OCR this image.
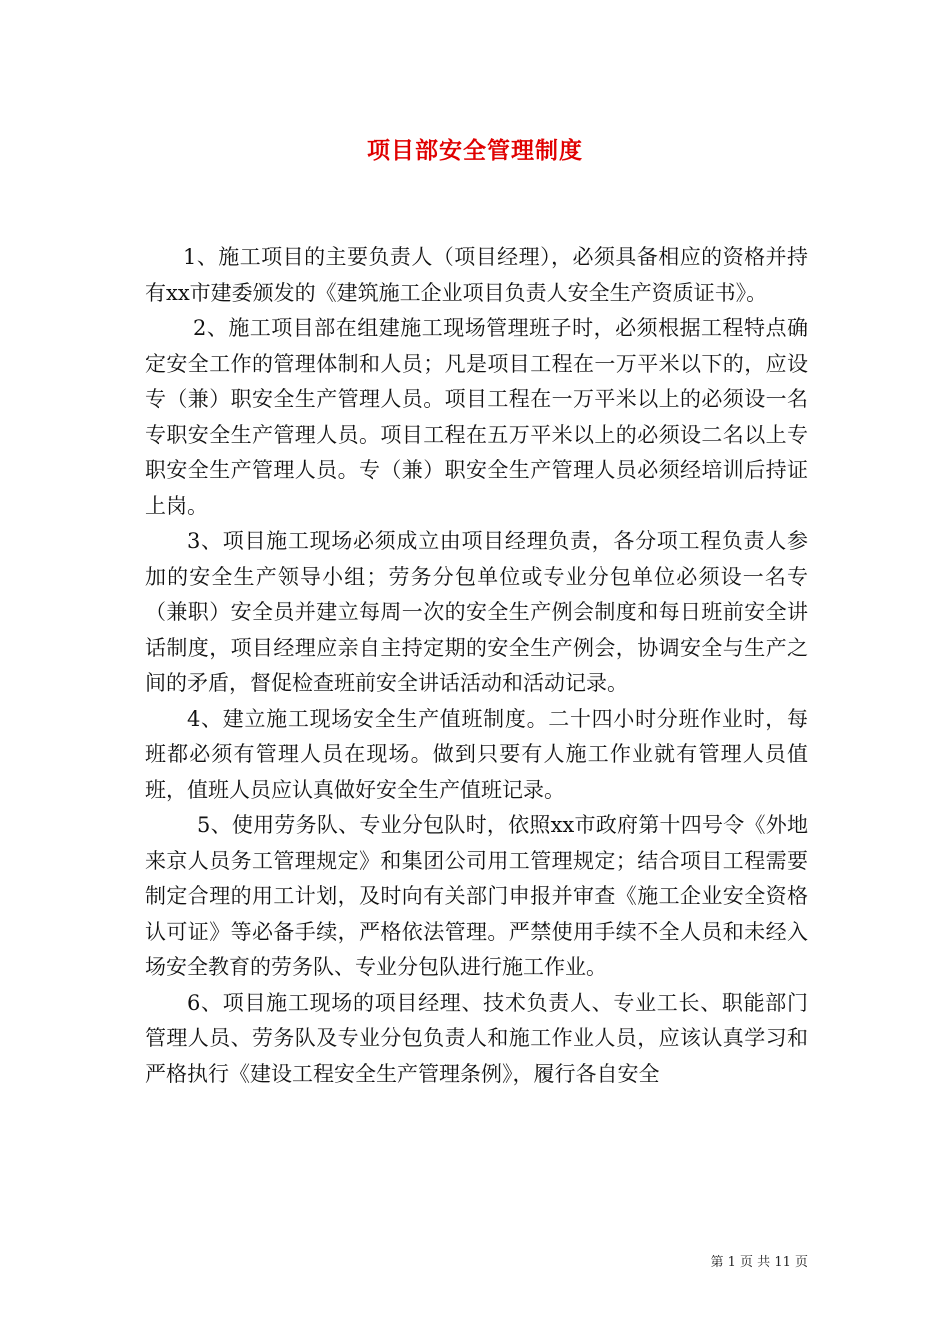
项目部安全管理制度

1、施工项目的主要负责人（项目经理），必须具备相应的资格并持有xx市建委颁发的《建筑施工企业项目负责人安全生产资质证书》。

2、施工项目部在组建施工现场管理班子时，必须根据工程特点确定安全工作的管理体制和人员；凡是项目工程在一万平米以下的，应设专（兼）职安全生产管理人员。项目工程在一万平米以上的必须设一名专职安全生产管理人员。项目工程在五万平米以上的必须设二名以上专职安全生产管理人员。专（兼）职安全生产管理人员必须经培训后持证上岗。

3、项目施工现场必须成立由项目经理负责，各分项工程负责人参加的安全生产领导小组；劳务分包单位或专业分包单位必须设一名专（兼职）安全员并建立每周一次的安全生产例会制度和每日班前安全讲话制度，项目经理应亲自主持定期的安全生产例会，协调安全与生产之间的矛盾，督促检查班前安全讲话活动和活动记录。

4、建立施工现场安全生产值班制度。二十四小时分班作业时，每班都必须有管理人员在现场。做到只要有人施工作业就有管理人员值班，值班人员应认真做好安全生产值班记录。

5、使用劳务队、专业分包队时，依照xx市政府第十四号令《外地来京人员务工管理规定》和集团公司用工管理规定；结合项目工程需要制定合理的用工计划，及时向有关部门申报并审查《施工企业安全资格认可证》等必备手续，严格依法管理。严禁使用手续不全人员和未经入场安全教育的劳务队、专业分包队进行施工作业。

6、项目施工现场的项目经理、技术负责人、专业工长、职能部门管理人员、劳务队及专业分包负责人和施工作业人员，应该认真学习和严格执行《建设工程安全生产管理条例》，履行各自安全

第 1 页 共 11 页
